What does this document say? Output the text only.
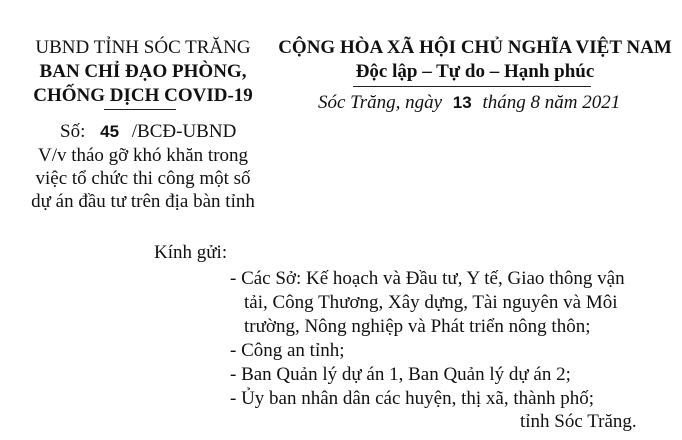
UBND TỈNH SÓC TRĂNG
BAN CHỈ ĐẠO PHÒNG,
CHỐNG DỊCH COVID-19
Số: 45 /BCĐ-UBND
V/v tháo gỡ khó khăn trong
việc tổ chức thi công một số
dự án đầu tư trên địa bàn tỉnh
CỘNG HÒA XÃ HỘI CHỦ NGHĨA VIỆT NAM
Độc lập – Tự do – Hạnh phúc
Sóc Trăng, ngày 13 tháng 8 năm 2021
Kính gửi:
- Các Sở: Kế hoạch và Đầu tư, Y tế, Giao thông vận
tải, Công Thương, Xây dựng, Tài nguyên và Môi
trường, Nông nghiệp và Phát triển nông thôn;
- Công an tỉnh;
- Ban Quản lý dự án 1, Ban Quản lý dự án 2;
- Ủy ban nhân dân các huyện, thị xã, thành phố;
tỉnh Sóc Trăng.
